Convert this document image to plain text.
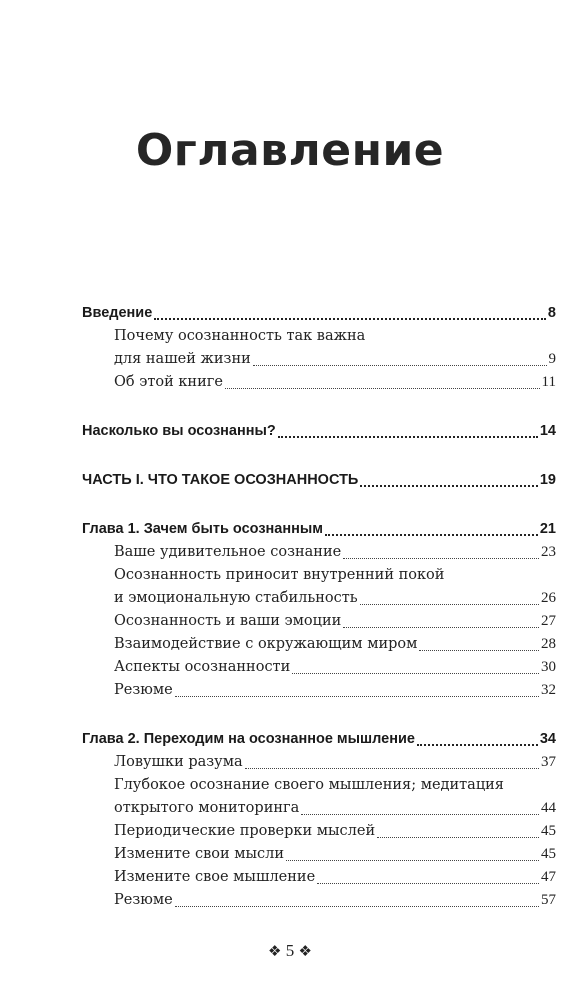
Оглавление
Введение	8
Почему осознанность так важна
для нашей жизни	9
Об этой книге	11
Насколько вы осознанны?	14
ЧАСТЬ I. ЧТО ТАКОЕ ОСОЗНАННОСТЬ	19
Глава 1. Зачем быть осознанным	21
Ваше удивительное сознание	23
Осознанность приносит внутренний покой
и эмоциональную стабильность	26
Осознанность и ваши эмоции	27
Взаимодействие с окружающим миром	28
Аспекты осознанности	30
Резюме	32
Глава 2. Переходим на осознанное мышление	34
Ловушки разума	37
Глубокое осознание своего мышления; медитация
открытого мониторинга	44
Периодические проверки мыслей	45
Измените свои мысли	45
Измените свое мышление	47
Резюме	57
❖ 5 ❖
